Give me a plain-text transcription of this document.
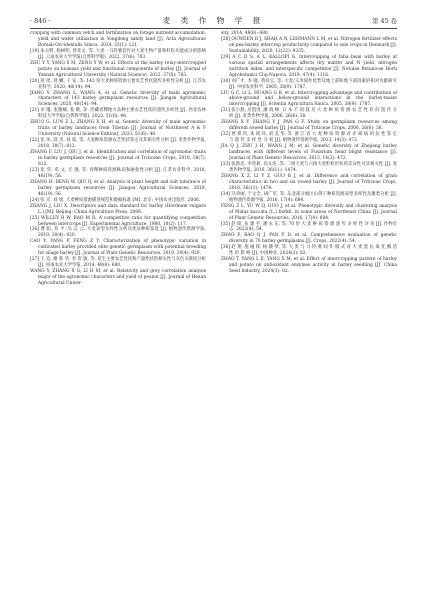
· 846 ·	麦 类 作 物 学 报	第 45 卷

cropping with common vetch and fertilization on forage nutrient accumulation, yield and water utilization in Yongdeng sandy land [J]. Acta Agriculturae Boreali-Occidentalis Sinica, 2024, 33(1): 121.

[19] 朱玉野, 杨树明, 曾亚文, 等. 大麦一马铃薯套作对大麦生物产量和籽粒功能成分的影响 [J]. 云南农业大学学报(自然科学版), 2022, 37(6): 783.

ZHU Y Y, YANG S M, ZENG Y W, et al. Effects of the barley relay-intercropped potato on biomass yield and functional components of barley [J]. Journal of Yunnan Agricultural University (Natural Science), 2022, 37(6): 783.

[20] 蒋 瑶, 曾 麟, 王 安, 等. 143 份大麦种质资源主要农艺性状遗传多样性分析 [J]. 江苏农业科学, 2020, 48(14): 94.

JIANG Y, ZHANG L, WANG A, et al. Genetic diversity of main agronomic characters of 143 barley germplasm resources [J]. Jiangsu Agricultural Sciences, 2020, 48(14): 94.

[21] 卓 嘎, 张雅楠, 张 敬, 等. 西藏青稞地方品种主要农艺性状的遗传多样性 [J]. 西北农林科技大学学报(自然科学版), 2023, 51(6): 48.

ZHUO G, LUN Z L, ZHANG X H, et al. Genetic diversity of main agronomic traits of barley landraces from Tibetan [J]. Journal of Northwest A & F University (Natural Science Edition), 2023, 51(6): 48.

[22] 张 凤, 邱 杰, 刘 茹, 等. 大麦种质资源农艺性状鉴定及其相关性分析 [J]. 麦类作物学报, 2018, 38(7): 812.

ZHANG F, LIU J, QIU J, et al. Identification and correlation of agronomic traits in barley germplasm resources [J]. Journal of Triticeae Crops, 2018, 38(7): 812.

[23] 张 华, 邓 文, 丘 强, 等. 青稞种质资源株高和耐盐性分析 [J]. 江苏农业科学, 2018, 46(19): 56.

ZHANG H, DENG W, QIU Q, et al. Analysis of plant height and salt tolerance of barley germplasm resources [J]. Jiangsu Agricultural Sciences, 2018, 46(19): 56.

[24] 张 京, 刘 旭. 大麦种质资源描述规范和数据标准 [M]. 北京: 中国农业出版社, 2006.

ZHANG J, LIU X. Descriptors and data standard for barley (Hordeum vulgare L.) [M]. Beijing: China Agriculture Press, 2006.

[25] WILLEY R W, RAO M R. A competitive ratio for quantifying competition between intercrops [J]. Experimental Agriculture, 1980, 16(2): 117.

[26] 曹 阳, 邓 平, 冯 宗 云. 大麦表型多样性分析及优异种质鉴选 [J]. 植物遗传资源学报, 2019, 20(4): 920.

CAO Y, YANG P, FENG Z Y. Characterization of phenotypic variation in cultivated barley provided elite genetic germplasm with potential breeding for silage barley [J]. Journal of Plant Genetic Resources, 2019, 20(4): 920.

[27] 王 竞, 谢 新 华, 李 贺 敏, 等. 花生主要农艺性状和产量性状的相关性与灰色关联度分析 [J]. 河南农业大学学报, 2014, 48(6): 680.

WANG Y, ZHANG X G, LI H M, et al. Relativity and grey correlation analysis major of the agronomic characters and yield of peanut [J]. Journal of Henan Agricultural Univer-

sity, 2014, 48(6): 680.

[28] OUWDEN R J, SHAH A N, LEHMANN L M, et al. Nitrogen fertilizer effects on pea-barley intercrop productivity compared to sole crops in Denmark [J]. Sustainability, 2020, 12(22): 9335.

[29] A C D S, A L, KALLOPI G. Intercropping of faba bean with barley at various spatial arrangements affects dry matter and N yield, nitrogen nutrition index, and interspecific competition [J]. Notulae Botanicae Horti Agrobotanici Cluj-Napoca, 2019, 47(4): 1116.

[30] 刘广才, 李 隆, 黄高宝, 等. 大麦/玉米间作优势及地上部和地下部因素的相对贡献研究 [J]. 中国农业科学, 2005, 38(9): 1787.

LIU G C, LI L, HUANG G B, et al. Intercropping advantage and contribution of above-ground and below-ground interactions in the barley-maize intercropping [J]. Scientia Agricultura Sinica, 2005, 38(9): 1787.

[31] 张小燕, 应凯进, 潘 海 峰. 日 本 不 同 栽 培 大 麦 种 质 资 源 农 艺 性 状 的 遗 传 分 析 [J]. 麦类作物学报, 2006, 26(6): 38.

ZHANG X Y, ZHANG Y J, PAN G F. Study on germplasm resources among different sowed barley [J]. Journal of Triticeae Crops, 2006, 26(6): 38.

[32] 贾 祺 钧, 朱 靖 环, 刘 美 华, 等. 浙 江 省 大 麦 种 质 资 源 对 赤 霉 病 的 抗 性 鉴 定 与 遗 传 多 样 性 分 析 [J]. 植物遗传资源学报, 2013, 14(3): 472.

JIA Q J, ZHU J H, WANG J M, et al. Genetic diversity of Zhejiang barley landraces with different levels of Fusarium head blight resistance [J]. Journal of Plant Genetic Resources, 2013, 14(3): 472.

[33] 张新忠, 李英莉, 高文连, 等. 二棱大麦与六棱大麦籽粒形状的差异性及其相关性 [J]. 麦类作物学报, 2016, 36(11): 1474.

ZHANG X Z, LI Y Z, GUO B J, et al. Difference and correlation of grain characteristics in two and six rowed barley [J]. Journal of Triticeae Crops, 2016, 36(11): 1474.

[34] 冯章丽, 于文全, 胡广军, 等. 东北部分地区山荆子种质资源表型多样性及聚类分析 [J]. 植物遗传资源学报, 2016, 17(4): 684.

FENG Z L, YU W Q, GUO J, et al. Phenotypic diversity and clustering analysis of Malus baccata (L.) borkh. in some areas of Northeast China [J]. Journal of Plant Genetic Resources, 2016, 17(4): 684.

[35] 赵 锋, 伍 建 平, 潘 永 东, 等. 70 份 大 麦 种 质 资 源 遗 传 多 样 性 评 价 [J]. 作物杂志, 2022(4): 54.

ZHAO F, BAO Q J, PAN Y D, et al. Comprehensive evaluation of genetic diversity in 70 barley germplasms [J]. Crops, 2022(4): 54.

[36] 赵 翔, 施 碰 锋, 杨 晓 梦, 等. 大 麦 与 马 铃 薯 间 作 模 式 对 大 麦 蛋 抗 氧 化 酶 活 性 的 影 响 [J]. 中国种业, 2024(3): 82.

ZHAO T, YANG L E, YANG X M, et al. Effect of intercropping pattern of barley and potato on antioxidant enzymes activity in barley seedling [J]. China Seed Industry, 2024(3): 82.
